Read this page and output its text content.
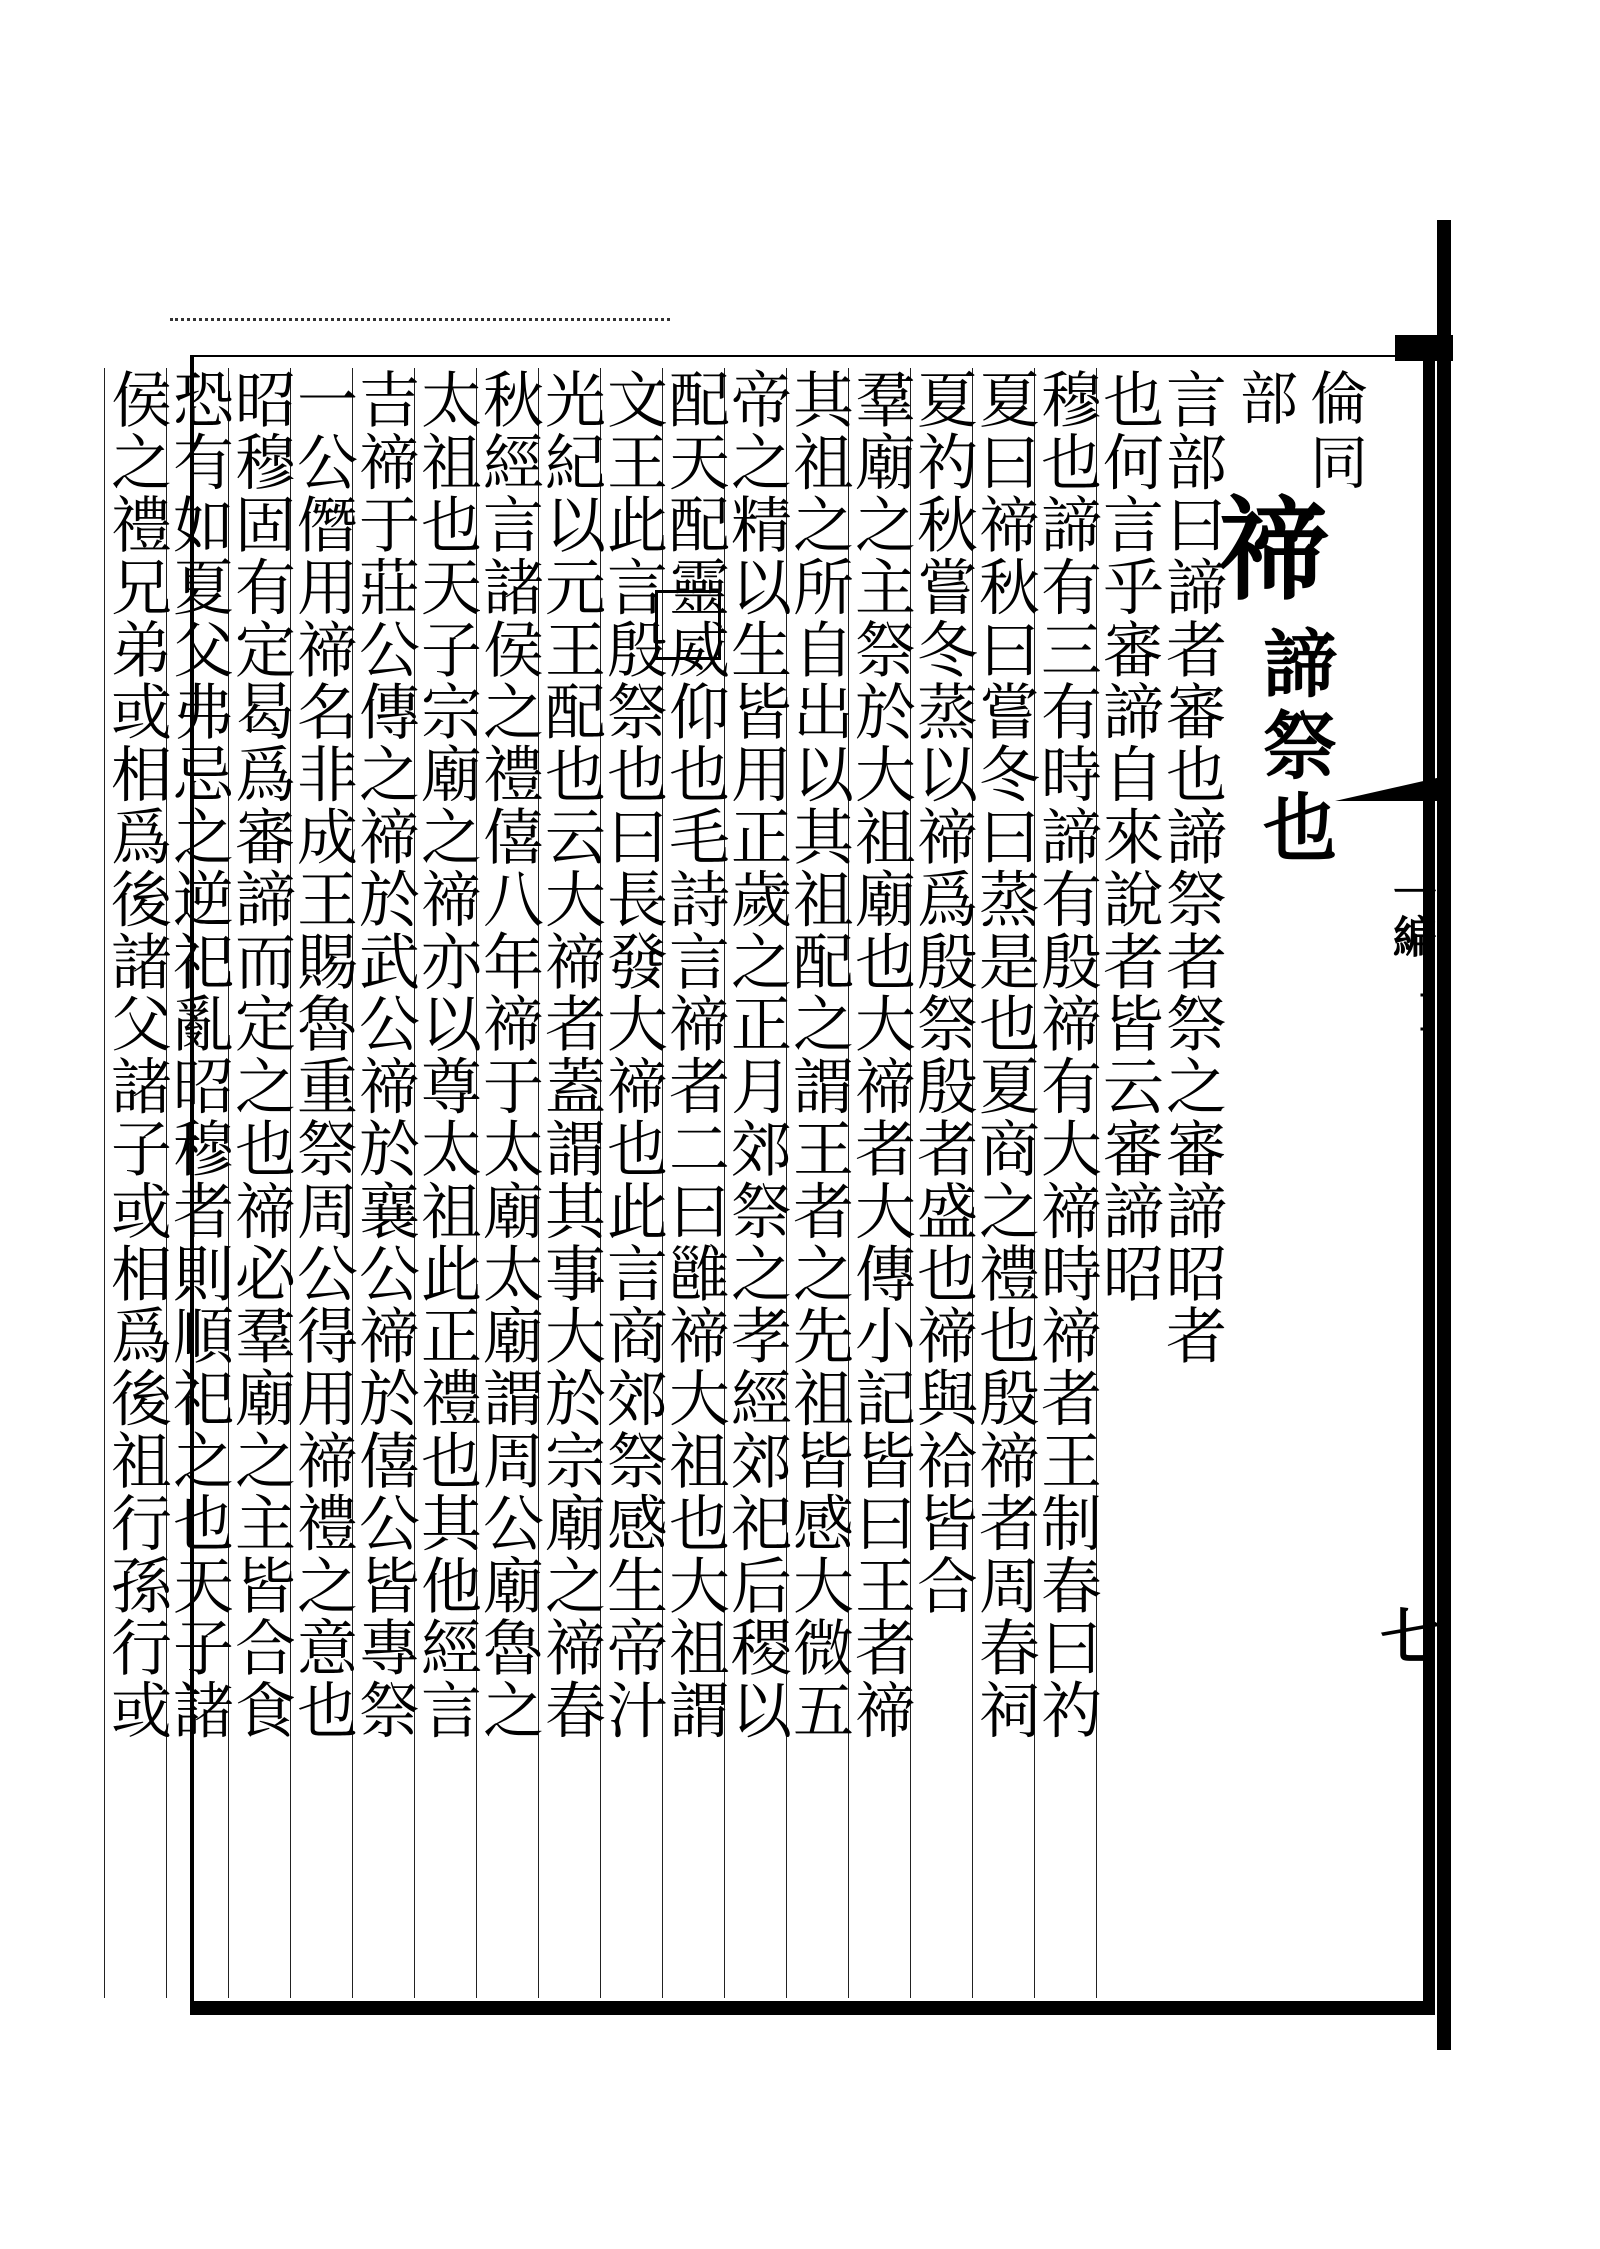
一編
⋮⋮
七
倫同
部
禘
諦祭也
言部曰諦者審也諦祭者祭之審諦昭者
也何言乎審諦自來說者皆云審諦昭
穆也諦有三有時諦有殷禘有大禘時禘者王制春曰礿
夏曰禘秋曰嘗冬曰蒸是也夏商之禮也殷禘者周春祠
夏礿秋嘗冬蒸以禘爲殷祭殷者盛也禘與祫皆合
羣廟之主祭於大祖廟也大禘者大傳小記皆曰王者禘
其祖之所自出以其祖配之謂王者之先祖皆感大微五
帝之精以生皆用正歲之正月郊祭之孝經郊祀后稷以
配天配靈威仰也毛詩言禘者二曰雝禘大祖也大祖謂
文王此言殷祭也曰長發大禘也此言商郊祭感生帝汁
光紀以元王配也云大禘者蓋謂其事大於宗廟之禘春
秋經言諸侯之禮僖八年禘于太廟太廟謂周公廟魯之
太祖也天子宗廟之禘亦以尊太祖此正禮也其他經言
吉禘于莊公傳之禘於武公禘於襄公禘於僖公皆專祭
一公僭用禘名非成王賜魯重祭周公得用禘禮之意也
昭穆固有定曷爲審諦而定之也禘必羣廟之主皆合食
恐有如夏父弗忌之逆祀亂昭穆者則順祀之也天子諸
侯之禮兄弟或相爲後諸父諸子或相爲後祖行孫行或
